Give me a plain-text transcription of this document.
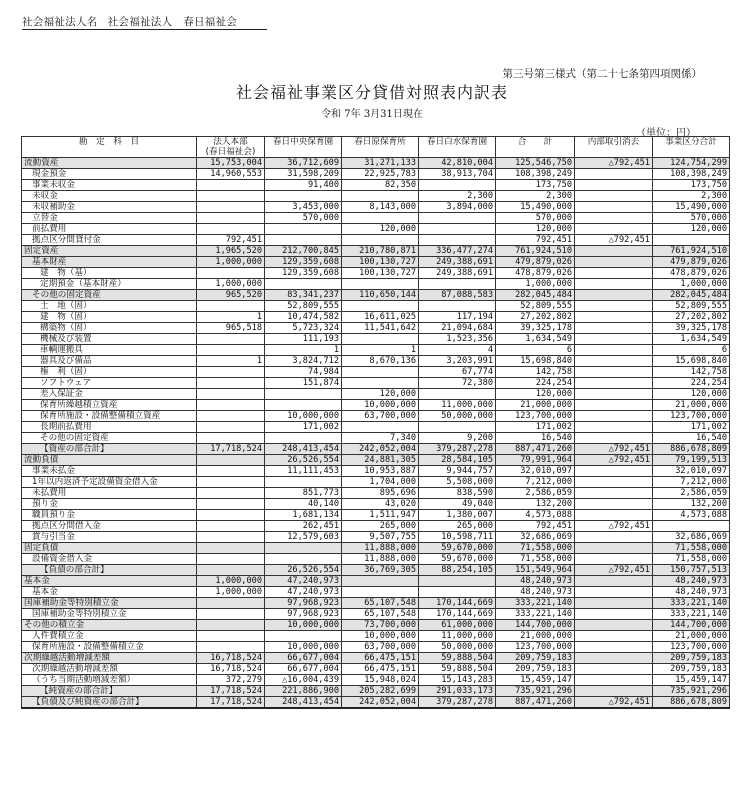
社会福祉法人名 社会福祉法人　春日福祉会
第三号第三様式（第二十七条第四項関係）
社会福祉事業区分貸借対照表内訳表
令和 7年 3月31日現在
（単位：円）
勘　定　科　目	法人本部
(春日福祉会)	春日中央保育園	春日原保育所	春日白水保育園	合　　計	内部取引消去	事業区分合計
流動資産	15,753,004	36,712,609	31,271,133	42,810,004	125,546,750	△792,451	124,754,299
現金預金	14,960,553	31,598,209	22,925,783	38,913,704	108,398,249		108,398,249
事業未収金		91,400	82,350		173,750		173,750
未収金				2,300	2,300		2,300
未収補助金		3,453,000	8,143,000	3,894,000	15,490,000		15,490,000
立替金		570,000			570,000		570,000
前払費用			120,000		120,000		120,000
拠点区分間貸付金	792,451				792,451	△792,451	
固定資産	1,965,520	212,700,845	210,780,871	336,477,274	761,924,510		761,924,510
基本財産	1,000,000	129,359,608	100,130,727	249,388,691	479,879,026		479,879,026
建　物（基）		129,359,608	100,130,727	249,388,691	478,879,026		478,879,026
定期預金（基本財産）	1,000,000				1,000,000		1,000,000
その他の固定資産	965,520	83,341,237	110,650,144	87,088,583	282,045,484		282,045,484
土　地（固）		52,809,555			52,809,555		52,809,555
建　物（固）	1	10,474,582	16,611,025	117,194	27,202,802		27,202,802
構築物（固）	965,518	5,723,324	11,541,642	21,094,684	39,325,178		39,325,178
機械及び装置		111,193		1,523,356	1,634,549		1,634,549
車輌運搬具		1	1	4	6		6
器具及び備品	1	3,824,712	8,670,136	3,203,991	15,698,840		15,698,840
権　利（固）		74,984		67,774	142,758		142,758
ソフトウェア		151,874		72,380	224,254		224,254
差入保証金			120,000		120,000		120,000
保育所繰越積立資産			10,000,000	11,000,000	21,000,000		21,000,000
保育所施設・設備整備積立資産		10,000,000	63,700,000	50,000,000	123,700,000		123,700,000
長期前払費用		171,002			171,002		171,002
その他の固定資産			7,340	9,200	16,540		16,540
【資産の部合計】	17,718,524	248,413,454	242,052,004	379,287,278	887,471,260	△792,451	886,678,809
流動負債		26,526,554	24,881,305	28,584,105	79,991,964	△792,451	79,199,513
事業未払金		11,111,453	10,953,887	9,944,757	32,010,097		32,010,097
1年以内返済予定設備資金借入金			1,704,000	5,508,000	7,212,000		7,212,000
未払費用		851,773	895,696	838,590	2,586,059		2,586,059
預り金		40,140	43,020	49,040	132,200		132,200
職員預り金		1,681,134	1,511,947	1,380,007	4,573,088		4,573,088
拠点区分間借入金		262,451	265,000	265,000	792,451	△792,451	
賞与引当金		12,579,603	9,507,755	10,598,711	32,686,069		32,686,069
固定負債			11,888,000	59,670,000	71,558,000		71,558,000
設備資金借入金			11,888,000	59,670,000	71,558,000		71,558,000
【負債の部合計】		26,526,554	36,769,305	88,254,105	151,549,964	△792,451	150,757,513
基本金	1,000,000	47,240,973			48,240,973		48,240,973
基本金	1,000,000	47,240,973			48,240,973		48,240,973
国庫補助金等特別積立金		97,968,923	65,107,548	170,144,669	333,221,140		333,221,140
国庫補助金等特別積立金		97,968,923	65,107,548	170,144,669	333,221,140		333,221,140
その他の積立金		10,000,000	73,700,000	61,000,000	144,700,000		144,700,000
人件費積立金			10,000,000	11,000,000	21,000,000		21,000,000
保育所施設・設備整備積立金		10,000,000	63,700,000	50,000,000	123,700,000		123,700,000
次期繰越活動増減差額	16,718,524	66,677,004	66,475,151	59,888,504	209,759,183		209,759,183
次期繰越活動増減差額	16,718,524	66,677,004	66,475,151	59,888,504	209,759,183		209,759,183
（うち当期活動増減差額）	372,279	△16,004,439	15,948,024	15,143,283	15,459,147		15,459,147
【純資産の部合計】	17,718,524	221,886,900	205,282,699	291,033,173	735,921,296		735,921,296
【負債及び純資産の部合計】	17,718,524	248,413,454	242,052,004	379,287,278	887,471,260	△792,451	886,678,809
